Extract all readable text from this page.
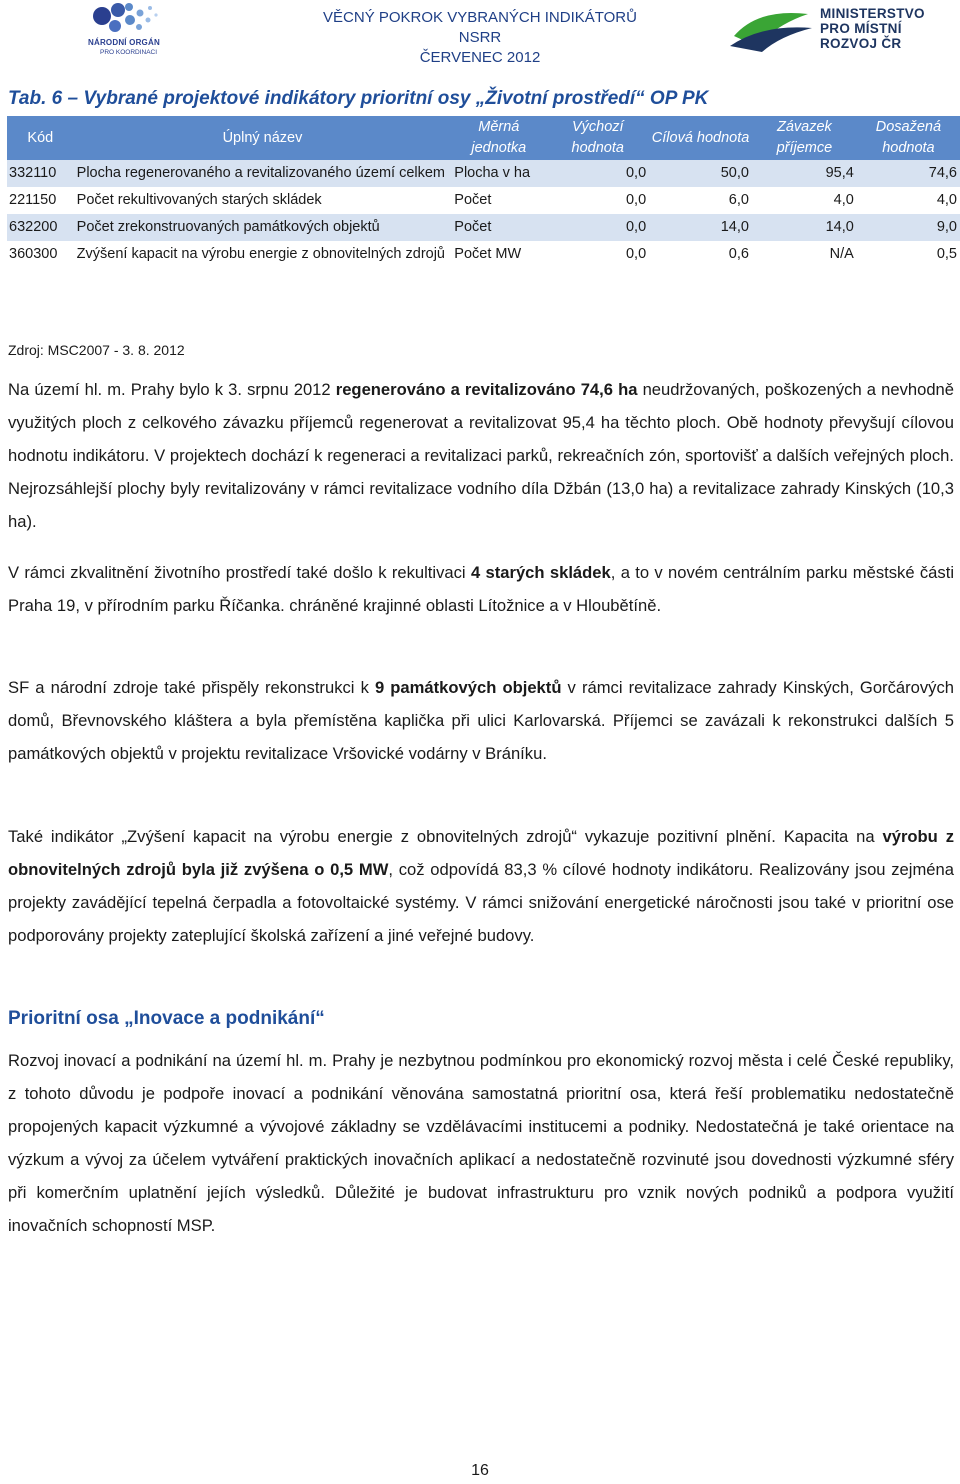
NÁRODNÍ ORGÁN
PRO KOORDINACI
VĚCNÝ POKROK VYBRANÝCH INDIKÁTORŮ NSRR
ČERVENEC 2012
MINISTERSTVO
PRO MÍSTNÍ
ROZVOJ ČR
Tab. 6 – Vybrané projektové indikátory prioritní osy „Životní prostředí“ OP PK
Kód	Úplný název	Měrná jednotka	Výchozí hodnota	Cílová hodnota	Závazek příjemce	Dosažená hodnota
332110	Plocha regenerovaného a revitalizovaného území celkem	Plocha v ha	0,0	50,0	95,4	74,6
221150	Počet rekultivovaných starých skládek	Počet	0,0	6,0	4,0	4,0
632200	Počet zrekonstruovaných památkových objektů	Počet	0,0	14,0	14,0	9,0
360300	Zvýšení kapacit na výrobu energie z obnovitelných zdrojů	Počet MW	0,0	0,6	N/A	0,5
Zdroj: MSC2007 - 3. 8. 2012
Na území hl. m. Prahy bylo k 3. srpnu 2012 regenerováno a revitalizováno 74,6 ha neudržovaných, poškozených a nevhodně využitých ploch z celkového závazku příjemců regenerovat a revitalizovat 95,4 ha těchto ploch. Obě hodnoty převyšují cílovou hodnotu indikátoru. V projektech dochází k regeneraci a revitalizaci parků, rekreačních zón, sportovišť a dalších veřejných ploch. Nejrozsáhlejší plochy byly revitalizovány v rámci revitalizace vodního díla Džbán (13,0 ha) a revitalizace zahrady Kinských (10,3 ha).
V rámci zkvalitnění životního prostředí také došlo k rekultivaci 4 starých skládek, a to v novém centrálním parku městské části Praha 19, v přírodním parku Říčanka. chráněné krajinné oblasti Lítožnice a v Hloubětíně.
SF a národní zdroje také přispěly rekonstrukci k 9 památkových objektů v rámci revitalizace zahrady Kinských, Gorčárových domů, Břevnovského kláštera a byla přemístěna kaplička při ulici Karlovarská. Příjemci se zavázali k rekonstrukci dalších 5 památkových objektů v projektu revitalizace Vršovické vodárny v Bráníku.
Také indikátor „Zvýšení kapacit na výrobu energie z obnovitelných zdrojů“ vykazuje pozitivní plnění. Kapacita na výrobu z obnovitelných zdrojů byla již zvýšena o 0,5 MW, což odpovídá 83,3 % cílové hodnoty indikátoru. Realizovány jsou zejména projekty zavádějící tepelná čerpadla a fotovoltaické systémy. V rámci snižování energetické náročnosti jsou také v prioritní ose podporovány projekty zateplující školská zařízení a jiné veřejné budovy.
Prioritní osa „Inovace a podnikání“
Rozvoj inovací a podnikání na území hl. m. Prahy je nezbytnou podmínkou pro ekonomický rozvoj města i celé České republiky, z tohoto důvodu je podpoře inovací a podnikání věnována samostatná prioritní osa, která řeší problematiku nedostatečně propojených kapacit výzkumné a vývojové základny se vzdělávacími institucemi a podniky. Nedostatečná je také orientace na výzkum a vývoj za účelem vytváření praktických inovačních aplikací a nedostatečně rozvinuté jsou dovednosti výzkumné sféry při komerčním uplatnění jejích výsledků. Důležité je budovat infrastrukturu pro vznik nových podniků a podpora využití inovačních schopností MSP.
16
